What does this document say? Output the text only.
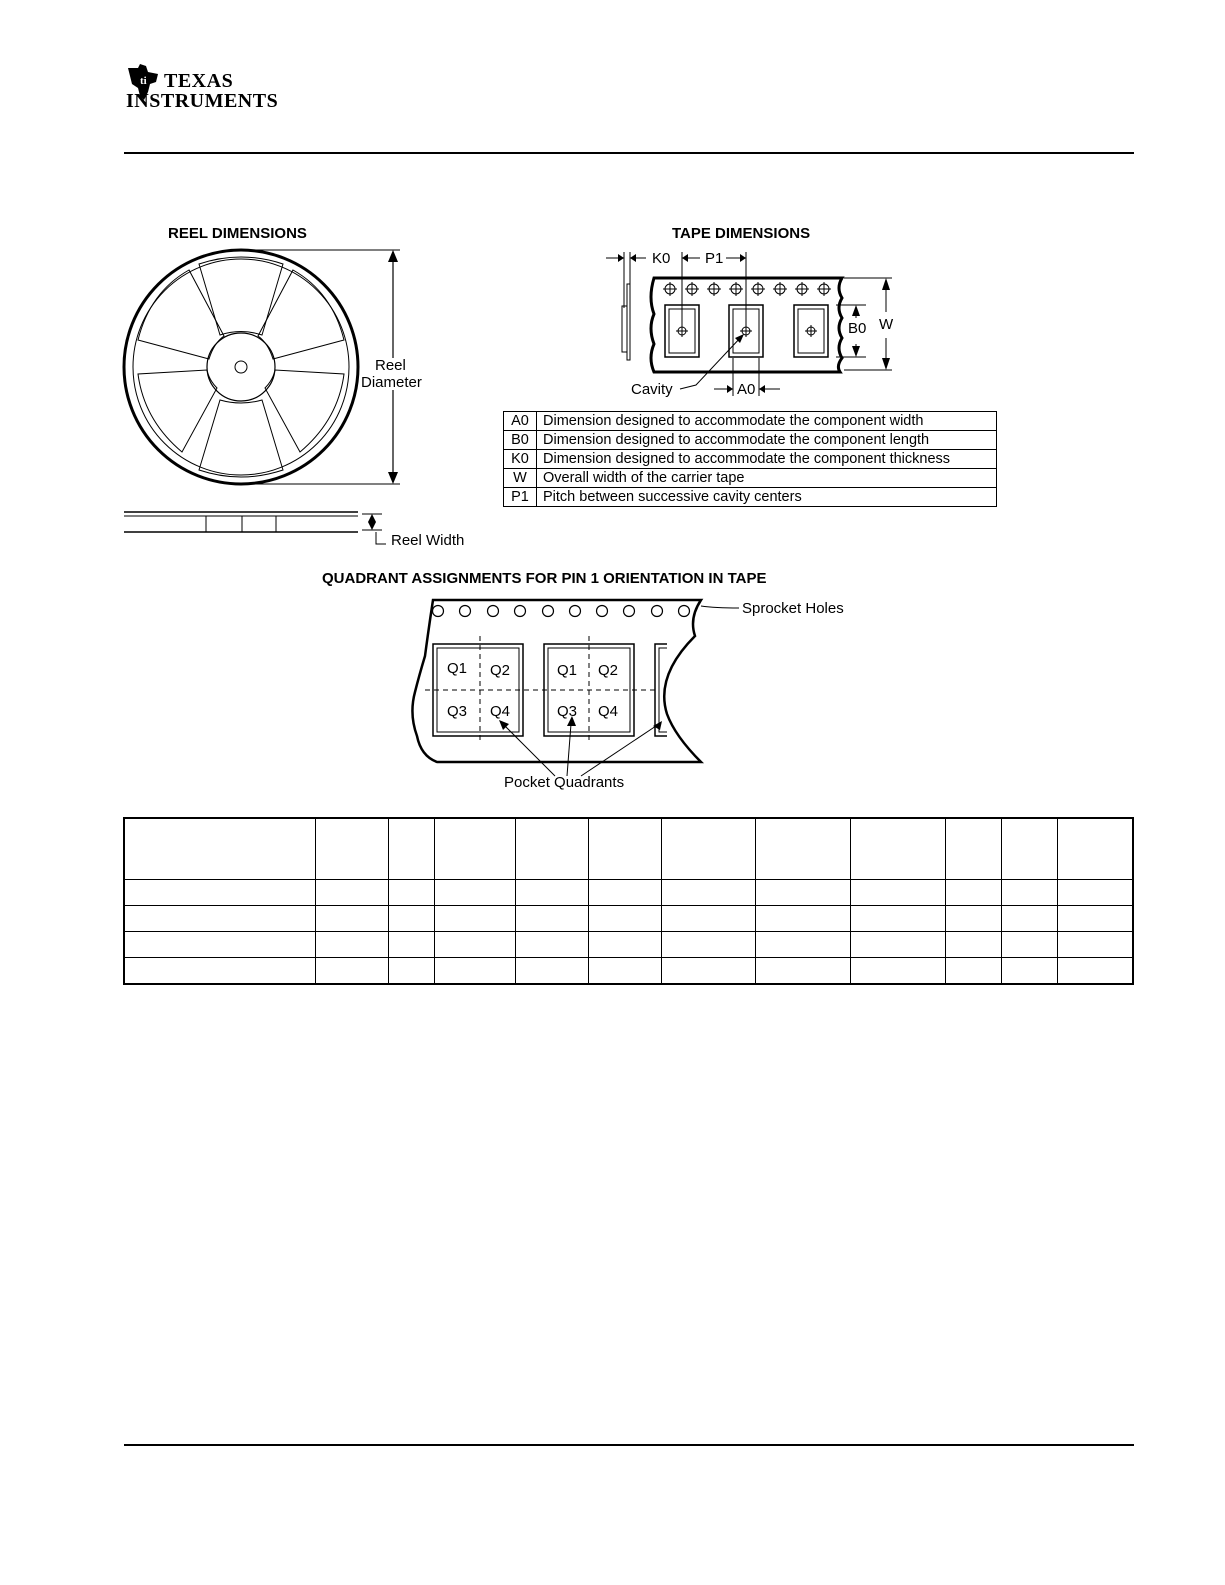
ti TEXAS
INSTRUMENTS
REEL DIMENSIONS
Reel
Diameter
Reel Width
TAPE DIMENSIONS
K0 P1
B0 W
Cavity	A0
A0	Dimension designed to accommodate the component width
B0	Dimension designed to accommodate the component length
K0	Dimension designed to accommodate the component thickness
W	Overall width of the carrier tape
P1	Pitch between successive cavity centers
QUADRANT ASSIGNMENTS FOR PIN 1 ORIENTATION IN TAPE
Sprocket Holes
Q1 Q2
Q3 Q4
Q1 Q2
Q3 Q4
Pocket Quadrants
